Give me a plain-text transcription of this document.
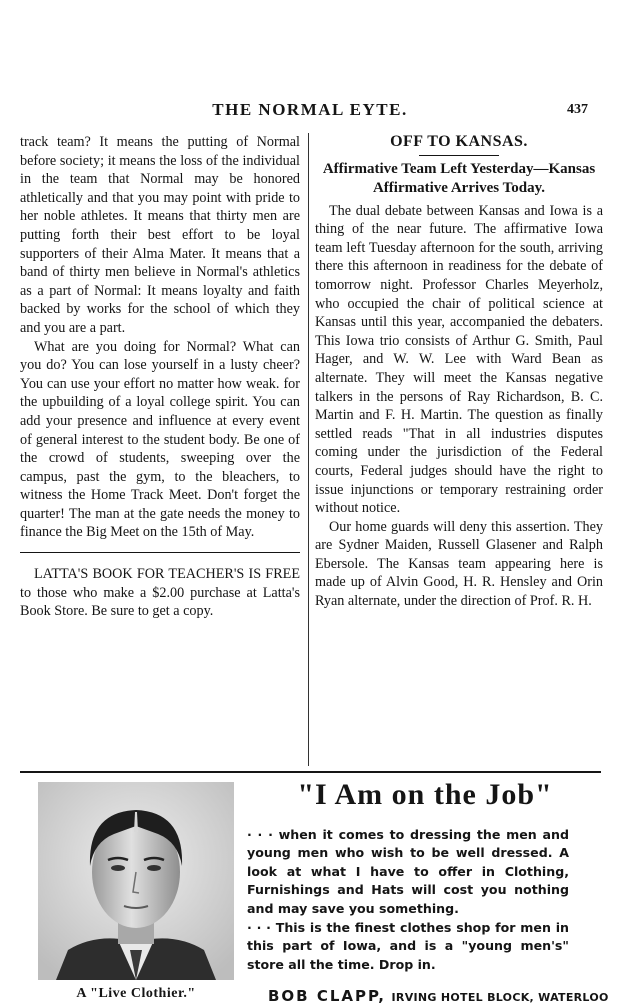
THE NORMAL EYTE.	437

track team? It means the putting of Normal before society; it means the loss of the individual in the team that Normal may be honored athletically and that you may point with pride to her noble athletes. It means that thirty men are putting forth their best effort to be loyal supporters of their Alma Mater. It means that a band of thirty men believe in Normal's athletics as a part of Normal: It means loyalty and faith backed by works for the school of which they and you are a part.

What are you doing for Normal? What can you do? You can lose yourself in a lusty cheer? You can use your effort no matter how weak. for the upbuilding of a loyal college spirit. You can add your presence and influence at every event of general interest to the student body. Be one of the crowd of students, sweeping over the campus, past the gym, to the bleachers, to witness the Home Track Meet. Don't forget the quarter! The man at the gate needs the money to finance the Big Meet on the 15th of May.

LATTA'S BOOK FOR TEACHER'S IS FREE to those who make a $2.00 purchase at Latta's Book Store. Be sure to get a copy.

OFF TO KANSAS.
Affirmative Team Left Yesterday—Kansas Affirmative Arrives Today.

The dual debate between Kansas and Iowa is a thing of the near future. The affirmative Iowa team left Tuesday afternoon for the south, arriving there this afternoon in readiness for the debate of tomorrow night. Professor Charles Meyerholz, who occupied the chair of political science at Kansas until this year, accompanied the debaters. This Iowa trio consists of Arthur G. Smith, Paul Hager, and W. W. Lee with Ward Bean as alternate. They will meet the Kansas negative talkers in the persons of Ray Richardson, B. C. Martin and F. H. Martin. The question as finally settled reads "That in all industries disputes coming under the jurisdiction of the Federal courts, Federal judges should have the right to issue injunctions or temporary restraining order without notice.

Our home guards will deny this assertion. They are Sydner Maiden, Russell Glasener and Ralph Ebersole. The Kansas team appearing here is made up of Alvin Good, H. R. Hensley and Orin Ryan alternate, under the direction of Prof. R. H.

A "Live Clothier."
"I Am on the Job"

· · · when it comes to dressing the men and young men who wish to be well dressed. A look at what I have to offer in Clothing, Furnishings and Hats will cost you nothing and may save you something.

· · · This is the finest clothes shop for men in this part of Iowa, and is a "young men's" store all the time. Drop in.

BOB CLAPP, IRVING HOTEL BLOCK, WATERLOO
